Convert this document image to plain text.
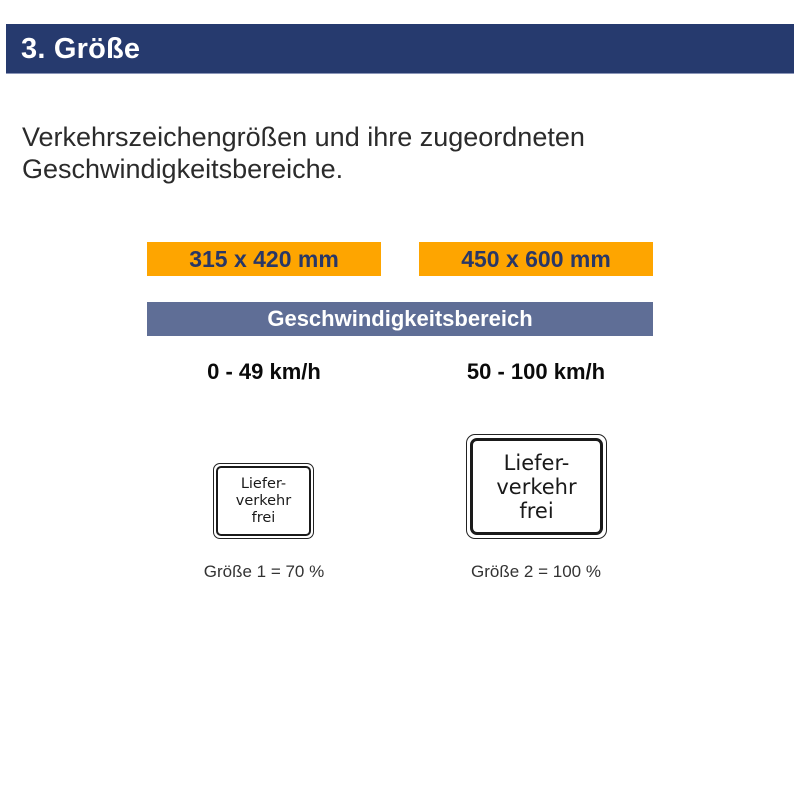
3. Größe
Verkehrszeichengrößen und ihre zugeordneten
Geschwindigkeitsbereiche.
315 x 420 mm	450 x 600 mm
Geschwindigkeitsbereich
0 - 49 km/h	50 - 100 km/h
Liefer-
verkehr
frei
Liefer-
verkehr
frei
Größe 1 = 70 %	Größe 2 = 100 %
